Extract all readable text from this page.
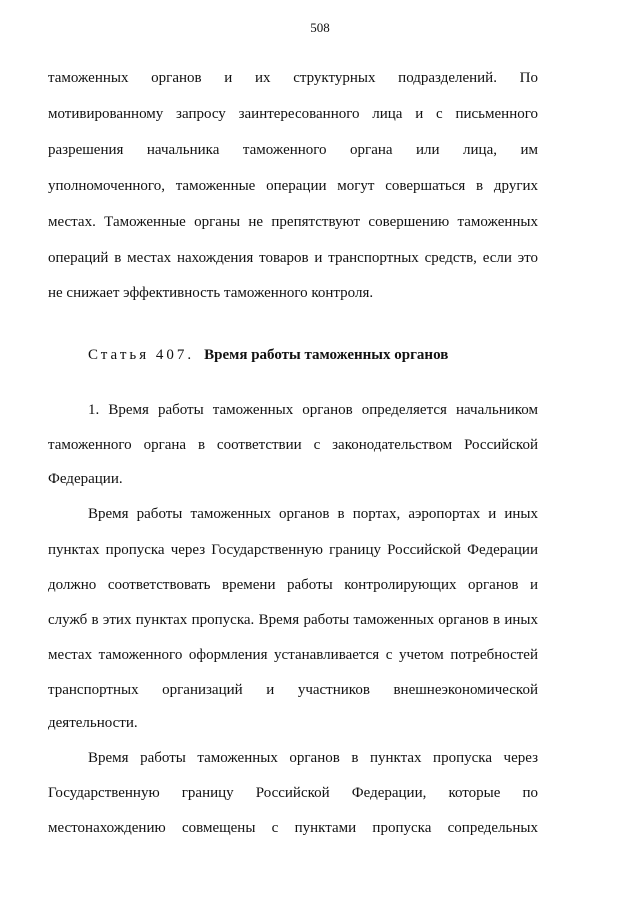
508
таможенных органов и их структурных подразделений. По
мотивированному запросу заинтересованного лица и с письменного
разрешения начальника таможенного органа или лица, им
уполномоченного, таможенные операции могут совершаться в других
местах. Таможенные органы не препятствуют совершению таможенных
операций в местах нахождения товаров и транспортных средств, если это
не снижает эффективность таможенного контроля.
Статья 407. Время работы таможенных органов
1. Время работы таможенных органов определяется начальником
таможенного органа в соответствии с законодательством Российской
Федерации.
Время работы таможенных органов в портах, аэропортах и иных
пунктах пропуска через Государственную границу Российской Федерации
должно соответствовать времени работы контролирующих органов и
служб в этих пунктах пропуска. Время работы таможенных органов в иных
местах таможенного оформления устанавливается с учетом потребностей
транспортных организаций и участников внешнеэкономической
деятельности.
Время работы таможенных органов в пунктах пропуска через
Государственную границу Российской Федерации, которые по
местонахождению совмещены с пунктами пропуска сопредельных
